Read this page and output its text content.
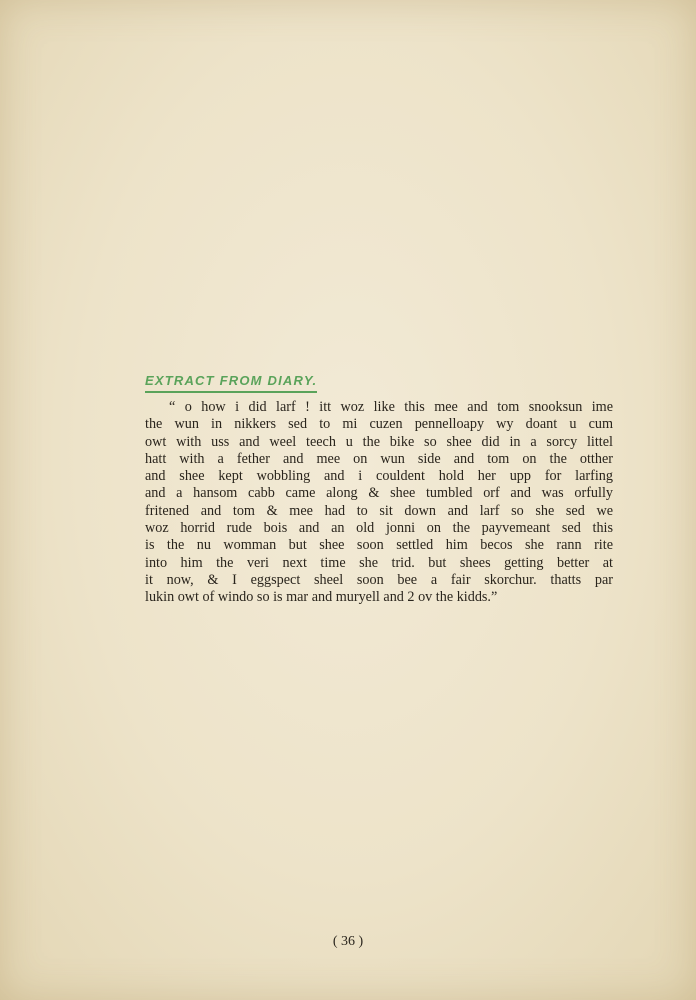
EXTRACT FROM DIARY.

“ o how i did larf ! itt woz like this mee and tom snooksun ime
the wun in nikkers sed to mi cuzen pennelloapy wy doant u cum
owt with uss and weel teech u the bike so shee did in a sorcy littel
hatt with a fether and mee on wun side and tom on the otther
and shee kept wobbling and i couldent hold her upp for larfing
and a hansom cabb came along & shee tumbled orf and was orfully
fritened and tom & mee had to sit down and larf so she sed we
woz horrid rude bois and an old jonni on the payvemeant sed this
is the nu womman but shee soon settled him becos she rann rite
into him the veri next time she trid. but shees getting better at
it now, & I eggspect sheel soon bee a fair skorchur. thatts par
lukin owt of windo so is mar and muryell and 2 ov the kidds.”

( 36 )
